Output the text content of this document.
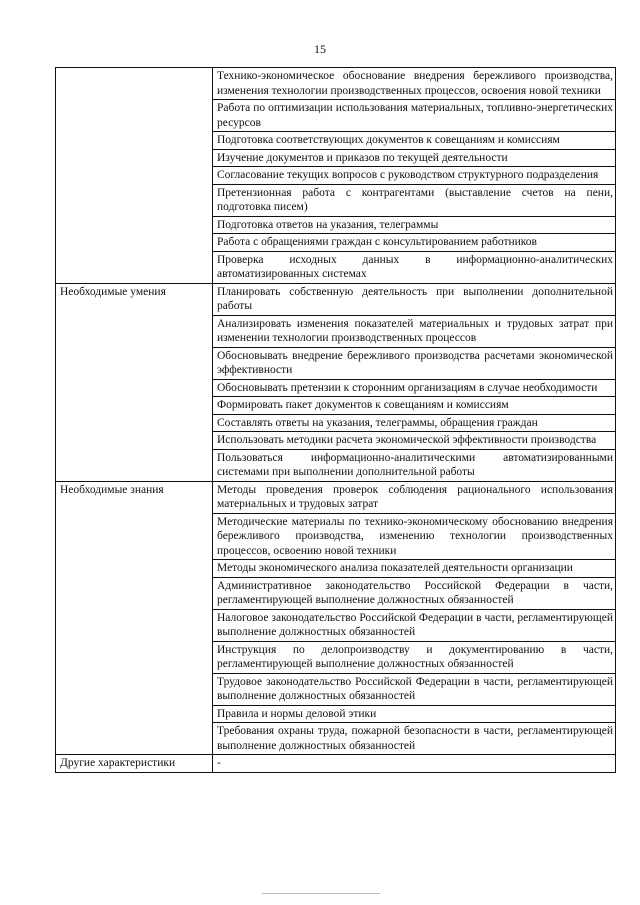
15
	Технико-экономическое обоснование внедрения бережливого производства, изменения технологии производственных процессов, освоения новой техники
	Работа по оптимизации использования материальных, топливно-энергетических ресурсов
	Подготовка соответствующих документов к совещаниям и комиссиям
	Изучение документов и приказов по текущей деятельности
	Согласование текущих вопросов с руководством структурного подразделения
	Претензионная работа с контрагентами (выставление счетов на пени, подготовка писем)
	Подготовка ответов на указания, телеграммы
	Работа с обращениями граждан с консультированием работников
	Проверка исходных данных в информационно-аналитических автоматизированных системах
Необходимые умения	Планировать собственную деятельность при выполнении дополнительной работы
	Анализировать изменения показателей материальных и трудовых затрат при изменении технологии производственных процессов
	Обосновывать внедрение бережливого производства расчетами экономической эффективности
	Обосновывать претензии к сторонним организациям в случае необходимости
	Формировать пакет документов к совещаниям и комиссиям
	Составлять ответы на указания, телеграммы, обращения граждан
	Использовать методики расчета экономической эффективности производства
	Пользоваться информационно-аналитическими автоматизированными системами при выполнении дополнительной работы
Необходимые знания	Методы проведения проверок соблюдения рационального использования материальных и трудовых затрат
	Методические материалы по технико-экономическому обоснованию внедрения бережливого производства, изменению технологии производственных процессов, освоению новой техники
	Методы экономического анализа показателей деятельности организации
	Административное законодательство Российской Федерации в части, регламентирующей выполнение должностных обязанностей
	Налоговое законодательство Российской Федерации в части, регламентирующей выполнение должностных обязанностей
	Инструкция по делопроизводству и документированию в части, регламентирующей выполнение должностных обязанностей
	Трудовое законодательство Российской Федерации в части, регламентирующей выполнение должностных обязанностей
	Правила и нормы деловой этики
	Требования охраны труда, пожарной безопасности в части, регламентирующей выполнение должностных обязанностей
Другие характеристики	-
